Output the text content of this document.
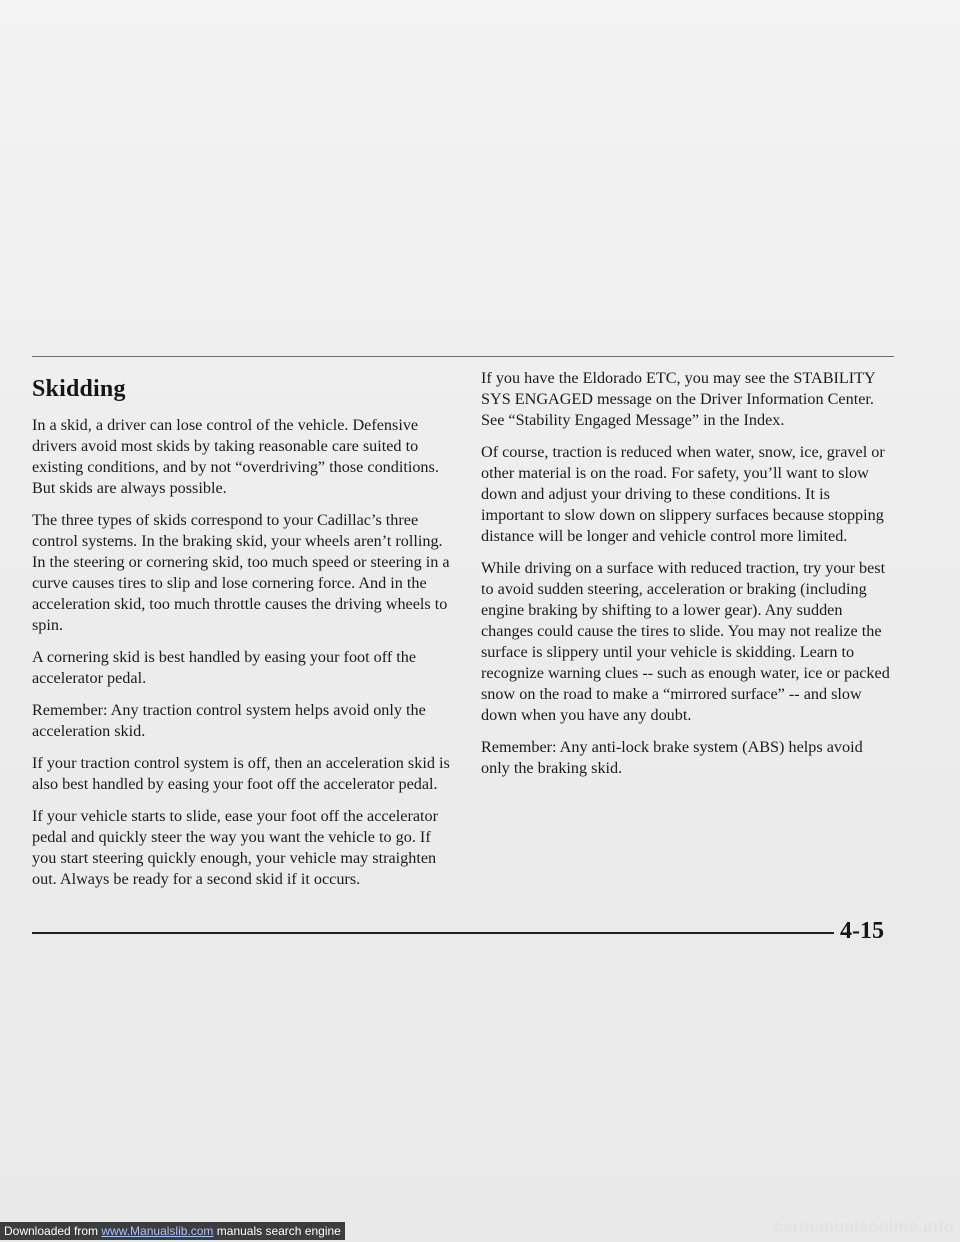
Skidding

In a skid, a driver can lose control of the vehicle. Defensive drivers avoid most skids by taking reasonable care suited to existing conditions, and by not “overdriving” those conditions. But skids are always possible.

The three types of skids correspond to your Cadillac’s three control systems. In the braking skid, your wheels aren’t rolling. In the steering or cornering skid, too much speed or steering in a curve causes tires to slip and lose cornering force. And in the acceleration skid, too much throttle causes the driving wheels to spin.

A cornering skid is best handled by easing your foot off the accelerator pedal.

Remember: Any traction control system helps avoid only the acceleration skid.

If your traction control system is off, then an acceleration skid is also best handled by easing your foot off the accelerator pedal.

If your vehicle starts to slide, ease your foot off the accelerator pedal and quickly steer the way you want the vehicle to go. If you start steering quickly enough, your vehicle may straighten out. Always be ready for a second skid if it occurs.

If you have the Eldorado ETC, you may see the STABILITY SYS ENGAGED message on the Driver Information Center. See “Stability Engaged Message” in the Index.

Of course, traction is reduced when water, snow, ice, gravel or other material is on the road. For safety, you’ll want to slow down and adjust your driving to these conditions. It is important to slow down on slippery surfaces because stopping distance will be longer and vehicle control more limited.

While driving on a surface with reduced traction, try your best to avoid sudden steering, acceleration or braking (including engine braking by shifting to a lower gear). Any sudden changes could cause the tires to slide. You may not realize the surface is slippery until your vehicle is skidding. Learn to recognize warning clues -- such as enough water, ice or packed snow on the road to make a “mirrored surface” -- and slow down when you have any doubt.

Remember: Any anti-lock brake system (ABS) helps avoid only the braking skid.

4-15
Downloaded from www.Manualslib.com manuals search engine	carmanualsonline.info
